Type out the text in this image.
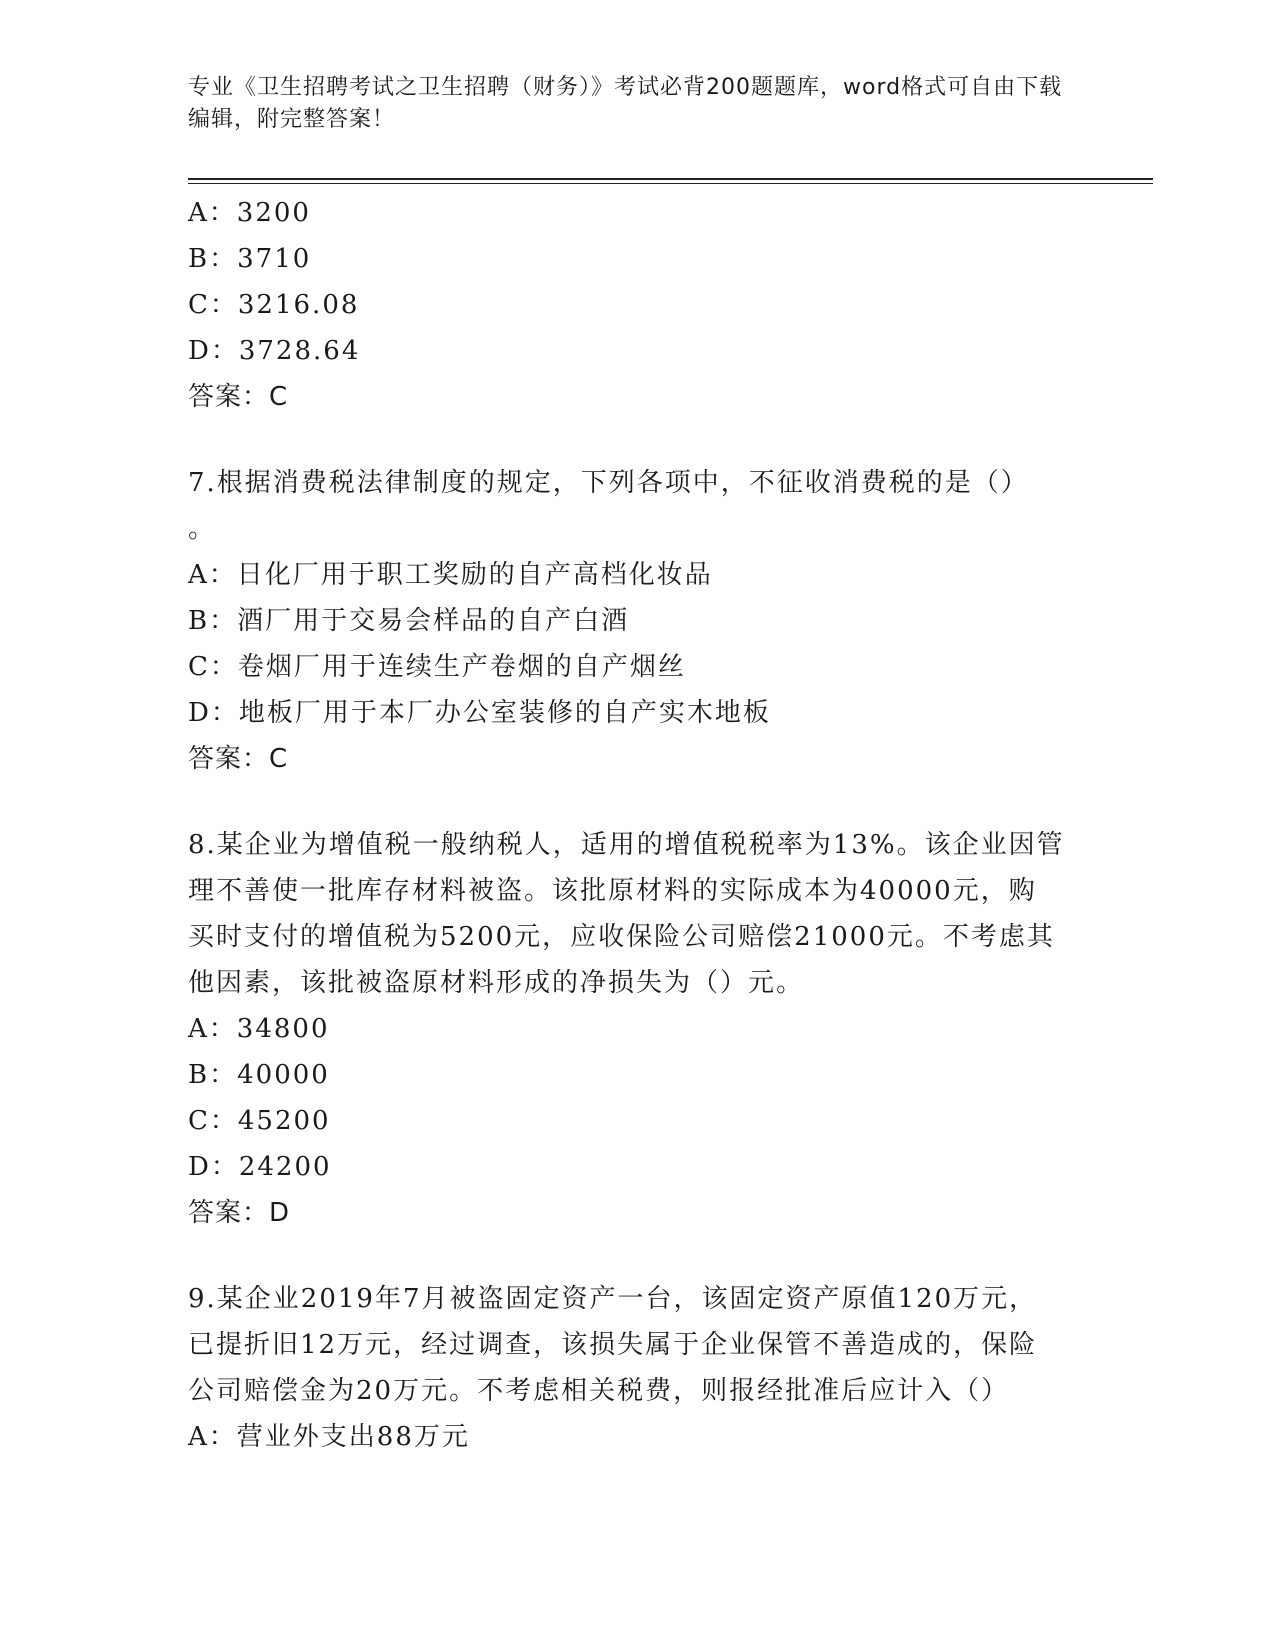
专业《卫生招聘考试之卫生招聘（财务）》考试必背200题题库，word格式可自由下载编辑，附完整答案！
A：3200
B：3710
C：3216.08
D：3728.64
答案：C
7.根据消费税法律制度的规定，下列各项中，不征收消费税的是（）
。
A：日化厂用于职工奖励的自产高档化妆品
B：酒厂用于交易会样品的自产白酒
C：卷烟厂用于连续生产卷烟的自产烟丝
D：地板厂用于本厂办公室装修的自产实木地板
答案：C
8.某企业为增值税一般纳税人，适用的增值税税率为13%。该企业因管
理不善使一批库存材料被盗。该批原材料的实际成本为40000元，购
买时支付的增值税为5200元，应收保险公司赔偿21000元。不考虑其
他因素，该批被盗原材料形成的净损失为（）元。
A：34800
B：40000
C：45200
D：24200
答案：D
9.某企业2019年7月被盗固定资产一台，该固定资产原值120万元，
已提折旧12万元，经过调查，该损失属于企业保管不善造成的，保险
公司赔偿金为20万元。不考虑相关税费，则报经批准后应计入（）
A：营业外支出88万元
